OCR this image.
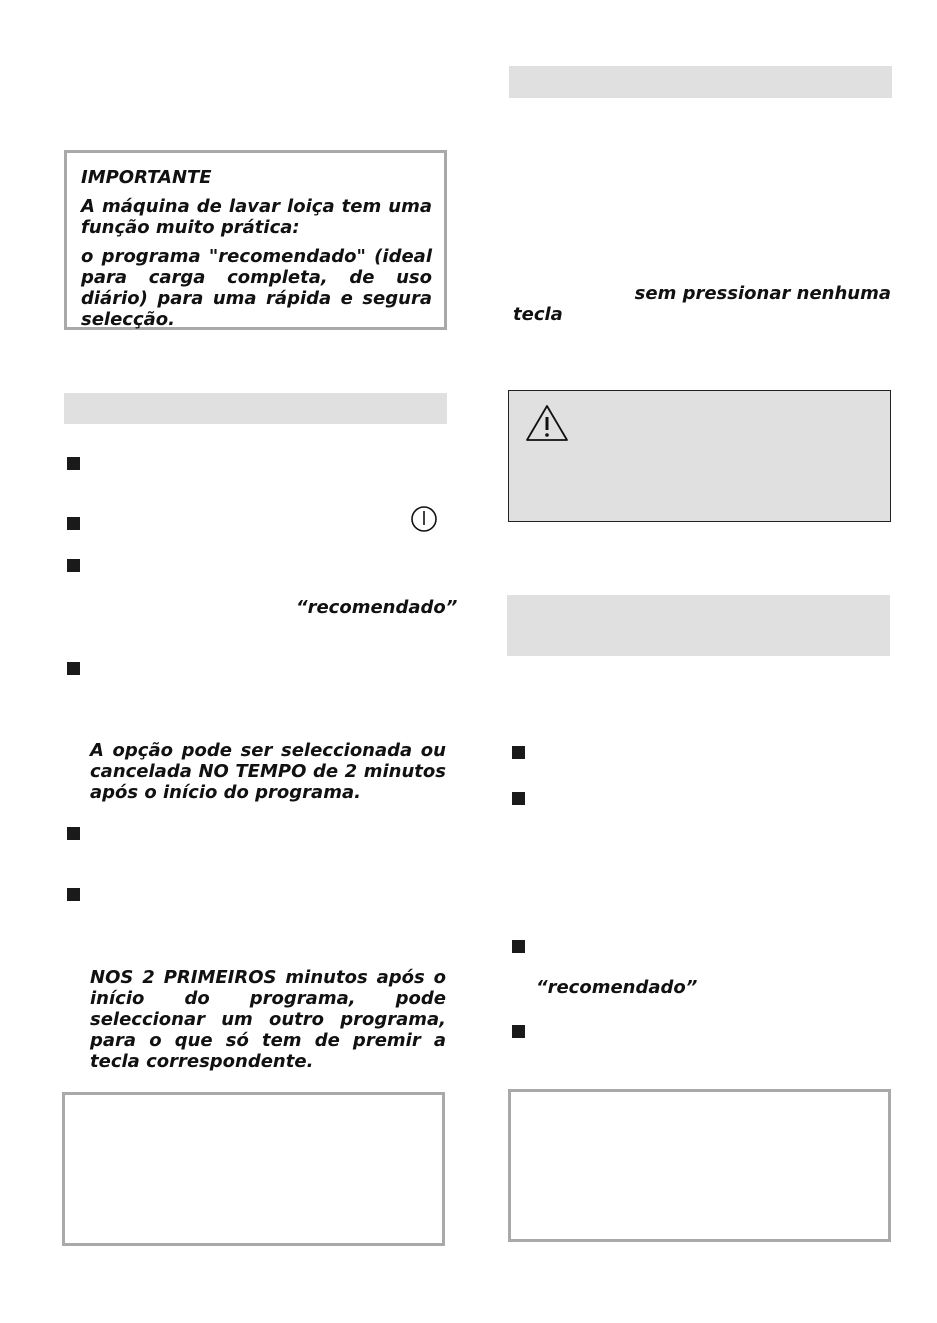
IMPORTANTE

A máquina de lavar loiça tem uma função muito prática:

o programa "recomendado" (ideal para carga completa, de uso diário) para uma rápida e segura selecção.

“recomendado”

A opção pode ser seleccionada ou cancelada NO TEMPO de 2 minutos após o início do programa.

NOS 2 PRIMEIROS minutos após o início do programa, pode seleccionar um outro programa, para o que só tem de premir a tecla correspondente.

sem pressionar nenhuma
tecla
“recomendado”
